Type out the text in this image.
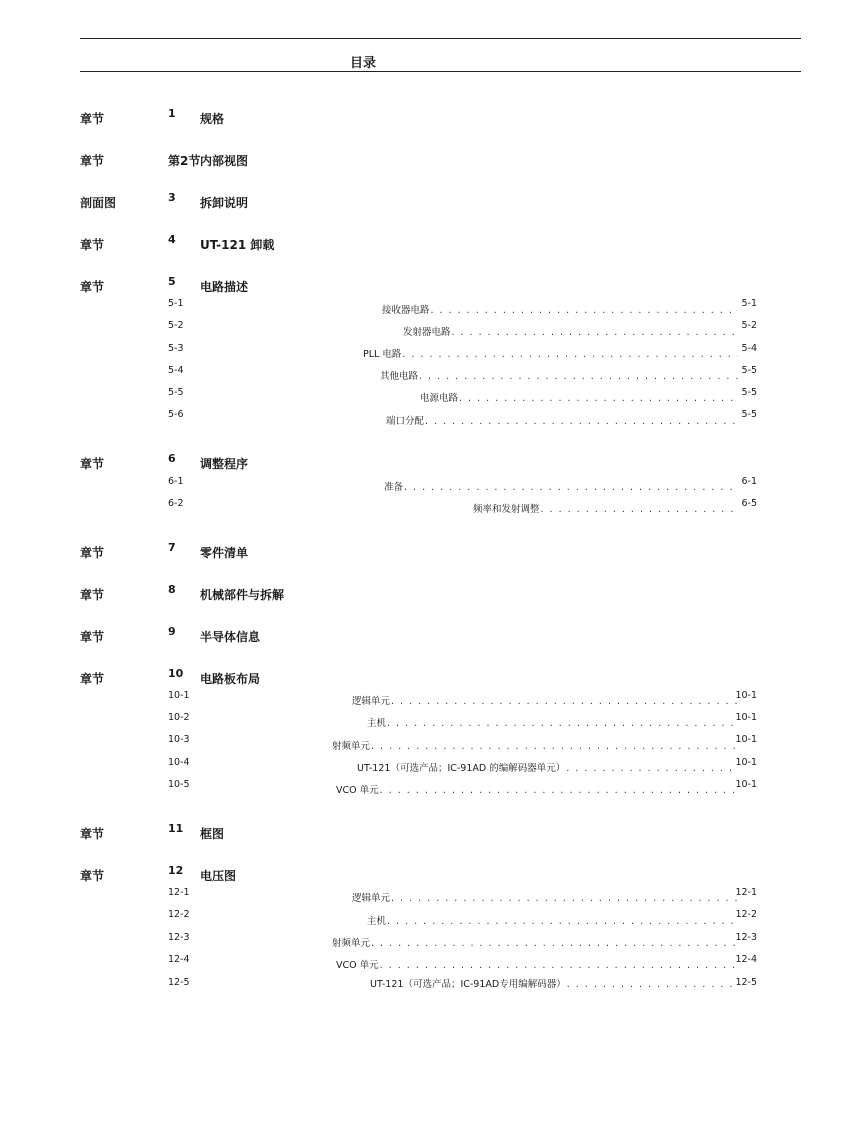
目录
章节	1 规格
章节	第2节 内部视图
剖面图	3 拆卸说明
章节	4 UT-121 卸载
章节	5 电路描述
5-1
接收器电路
. . .
5-1
5-2
发射器电路
. . .
5-2
5-3
PLL 电路
. . .
5-4
5-4
其他电路
. . .
5-5
5-5
电源电路
. . .
5-5
5-6
端口分配
. . .
5-5
章节	6 调整程序
6-1
准备
. . .
6-1
6-2
频率和发射调整
. . .
6-5
章节	7 零件清单
章节	8 机械部件与拆解
章节	9 半导体信息
章节	10 电路板布局
10-1
逻辑单元
. . .
10-1
10-2
主机
. . .
10-1
10-3
射频单元
. . .
10-1
10-4
UT-121（可选产品；IC-91AD 的编解码器单元）
. . .
10-1
10-5
VCO 单元
. . .
10-1
章节	11 框图
章节	12 电压图
12-1
逻辑单元
. . .
12-1
12-2
主机
. . .
12-2
12-3
射频单元
. . .
12-3
12-4
VCO 单元
. . .
12-4
12-5	UT-121（可选产品；IC-91AD专用编解码器）
. . .	12-5
